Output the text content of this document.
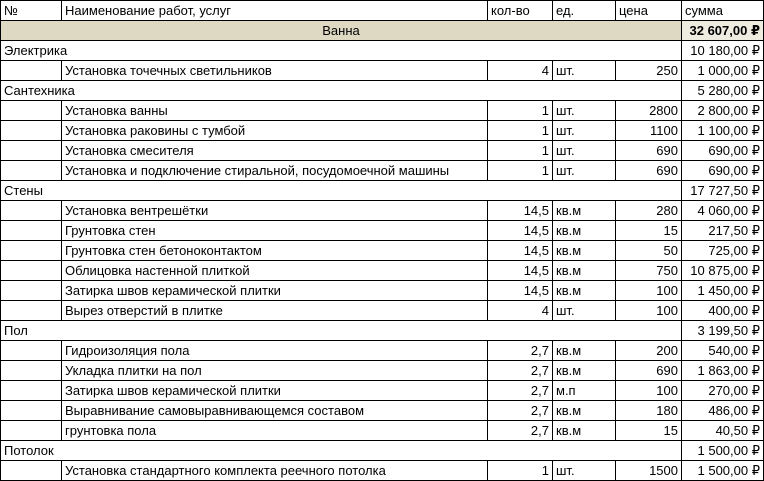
№	Наименование работ, услуг	кол-во	ед.	цена	сумма
Ванна					32 607,00 ₽
Электрика					10 180,00 ₽
	Установка точечных светильников	4	шт.	250	1 000,00 ₽
Сантехника					5 280,00 ₽
	Установка ванны	1	шт.	2800	2 800,00 ₽
	Установка раковины с тумбой	1	шт.	1100	1 100,00 ₽
	Установка смесителя	1	шт.	690	690,00 ₽
	Установка и подключение стиральной, посудомоечной машины	1	шт.	690	690,00 ₽
Стены					17 727,50 ₽
	Установка вентрешётки	14,5	кв.м	280	4 060,00 ₽
	Грунтовка стен	14,5	кв.м	15	217,50 ₽
	Грунтовка стен бетоноконтактом	14,5	кв.м	50	725,00 ₽
	Облицовка настенной плиткой	14,5	кв.м	750	10 875,00 ₽
	Затирка швов керамической плитки	14,5	кв.м	100	1 450,00 ₽
	Вырез отверстий в плитке	4	шт.	100	400,00 ₽
Пол					3 199,50 ₽
	Гидроизоляция пола	2,7	кв.м	200	540,00 ₽
	Укладка плитки на пол	2,7	кв.м	690	1 863,00 ₽
	Затирка швов керамической плитки	2,7	м.п	100	270,00 ₽
	Выравнивание самовыравнивающемся составом	2,7	кв.м	180	486,00 ₽
	грунтовка пола	2,7	кв.м	15	40,50 ₽
Потолок					1 500,00 ₽
	Установка стандартного комплекта реечного потолка	1	шт.	1500	1 500,00 ₽
